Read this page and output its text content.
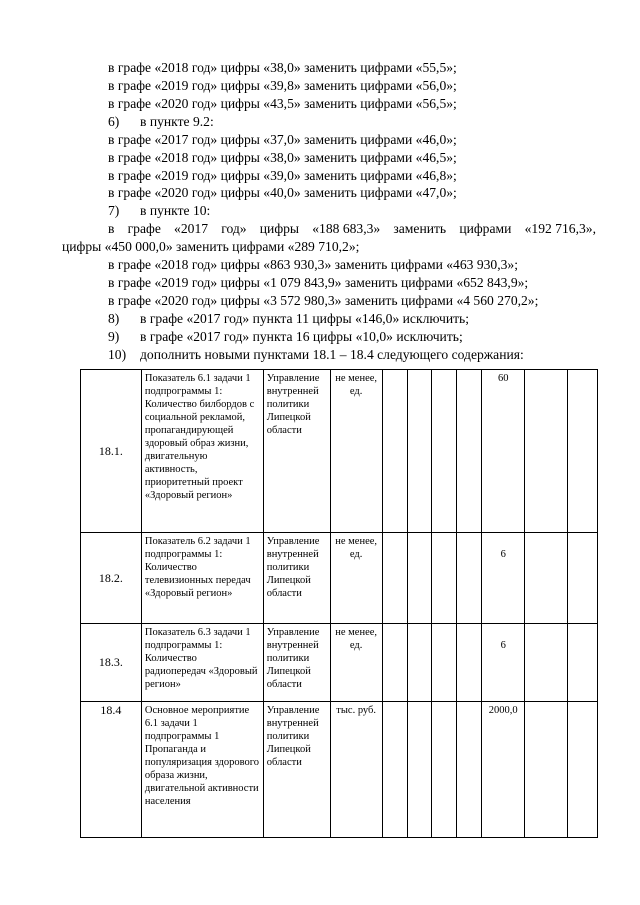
в графе «2018 год» цифры «38,0» заменить цифрами «55,5»;
в графе «2019 год» цифры «39,8» заменить цифрами «56,0»;
в графе «2020 год» цифры «43,5» заменить цифрами «56,5»;
6) в пункте 9.2:
в графе «2017 год» цифры «37,0» заменить цифрами «46,0»;
в графе «2018 год» цифры «38,0» заменить цифрами «46,5»;
в графе «2019 год» цифры «39,0» заменить цифрами «46,8»;
в графе «2020 год» цифры «40,0» заменить цифрами «47,0»;
7) в пункте 10:
в графе «2017 год» цифры «188 683,3» заменить цифрами «192 716,3»,
цифры «450 000,0» заменить цифрами «289 710,2»;
в графе «2018 год» цифры «863 930,3» заменить цифрами «463 930,3»;
в графе «2019 год» цифры «1 079 843,9» заменить цифрами «652 843,9»;
в графе «2020 год» цифры «3 572 980,3» заменить цифрами «4 560 270,2»;
8) в графе «2017 год» пункта 11 цифры «146,0» исключить;
9) в графе «2017 год» пункта 16 цифры «10,0» исключить;
10) дополнить новыми пунктами 18.1 – 18.4 следующего содержания:
18.1.	Показатель 6.1 задачи 1 подпрограммы 1: Количество билбордов с социальной рекламой, пропагандирующей здоровый образ жизни, двигательную активность, приоритетный проект «Здоровый регион»	Управление внутренней политики Липецкой области	не менее, ед.					60		
18.2.	Показатель 6.2 задачи 1 подпрограммы 1: Количество телевизионных передач «Здоровый регион»	Управление внутренней политики Липецкой области	не менее, ед.					6		
18.3.	Показатель 6.3 задачи 1 подпрограммы 1: Количество радиопередач «Здоровый регион»	Управление внутренней политики Липецкой области	не менее, ед.					6		
18.4	Основное мероприятие 6.1 задачи 1 подпрограммы 1 Пропаганда и популяризация здорового образа жизни, двигательной активности населения	Управление внутренней политики Липецкой области	тыс. руб.					2000,0		
